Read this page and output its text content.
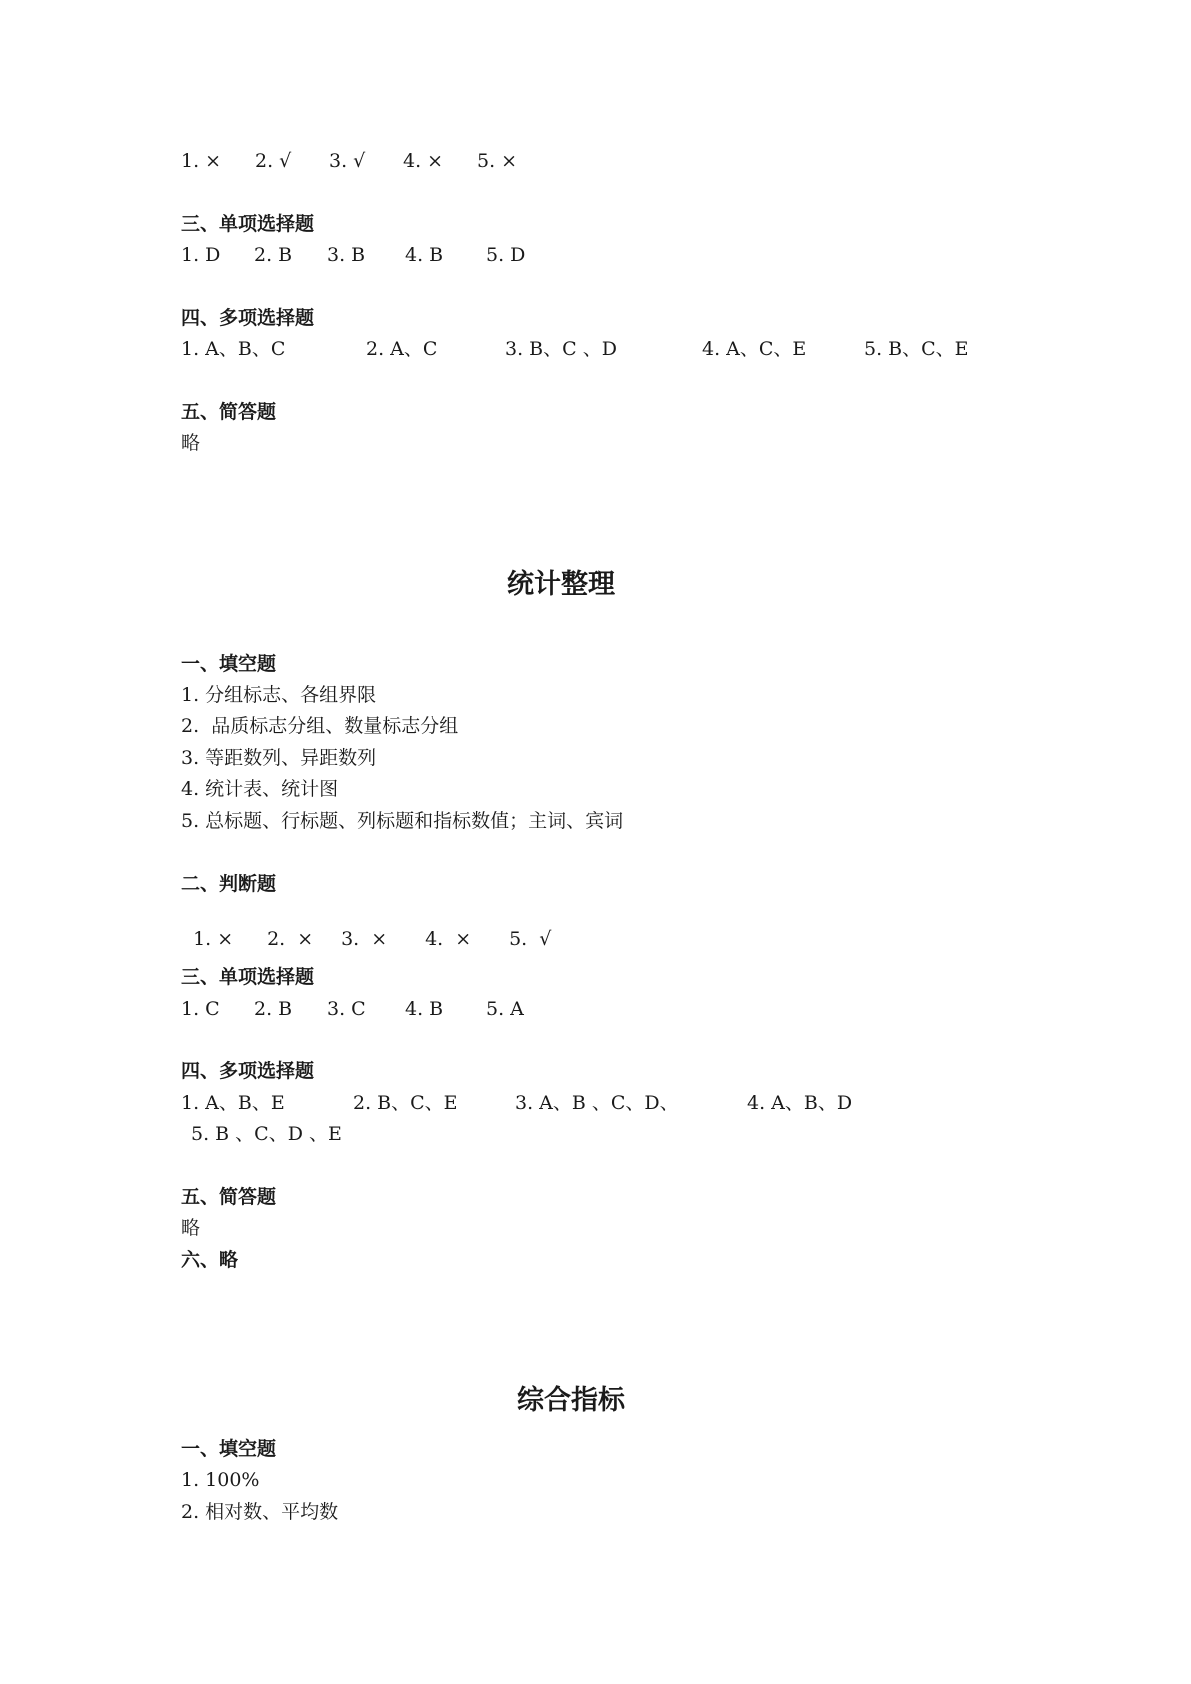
1. × 2. √ 3. √ 4. × 5. ×
三、单项选择题
1. D 2. B 3. B 4. B 5. D
四、多项选择题
1. A、B、C	2. A、C	3. B、C 、D	4. A、C、E	5. B、C、E
五、简答题
略
统计整理
一、填空题
1. 分组标志、各组界限
2.  品质标志分组、数量标志分组
3. 等距数列、异距数列
4. 统计表、统计图
5. 总标题、行标题、列标题和指标数值；主词、宾词
二、判断题

1. × 2.  × 3.  × 4.  × 5.  √

三、单项选择题
1. C 2. B 3. C 4. B 5. A
四、多项选择题
1. A、B、E	2. B、C、E	3. A、B 、C、D、	4. A、B、D
5. B 、C、D 、E
五、简答题
略
六、略
综合指标
一、填空题
1. 100%
2. 相对数、平均数
